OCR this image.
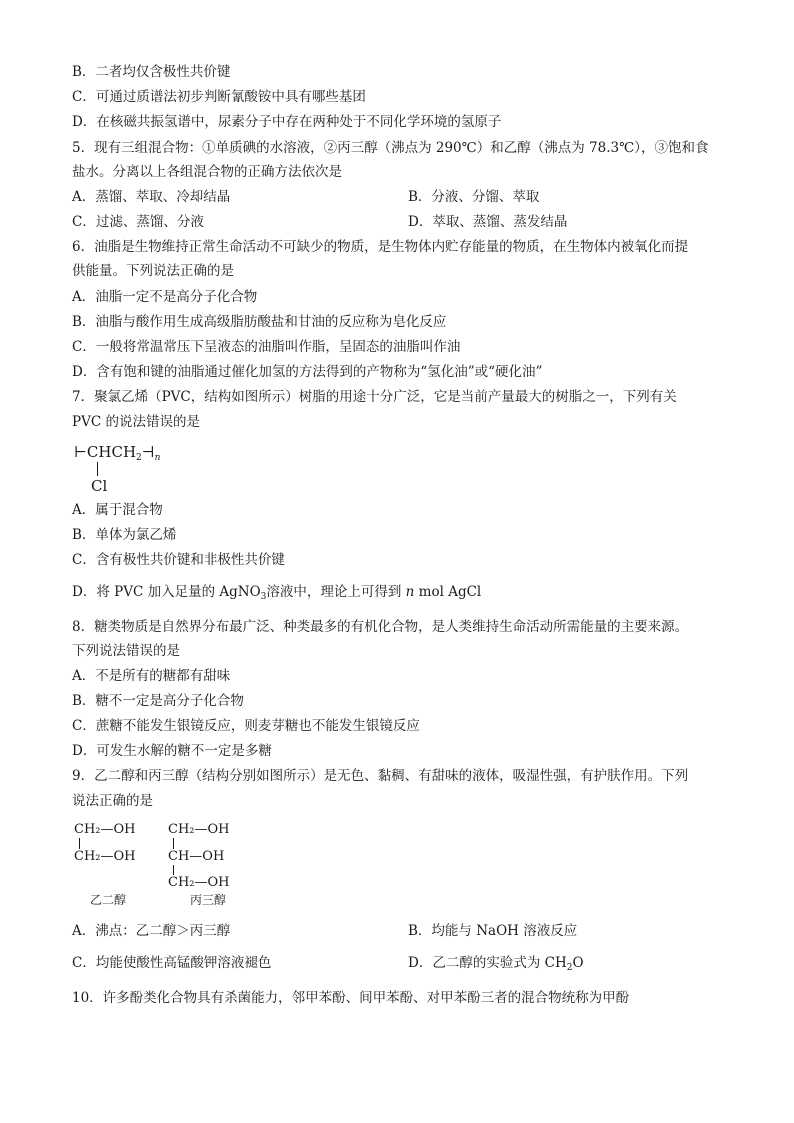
B．二者均仅含极性共价键
C．可通过质谱法初步判断氰酸铵中具有哪些基团
D．在核磁共振氢谱中，尿素分子中存在两种处于不同化学环境的氢原子
5．现有三组混合物：①单质碘的水溶液，②丙三醇（沸点为 290℃）和乙醇（沸点为 78.3℃），③饱和食
盐水。分离以上各组混合物的正确方法依次是
A．蒸馏、萃取、冷却结晶	B．分液、分馏、萃取
C．过滤、蒸馏、分液	D．萃取、蒸馏、蒸发结晶
6．油脂是生物维持正常生命活动不可缺少的物质，是生物体内贮存能量的物质，在生物体内被氧化而提
供能量。下列说法正确的是
A．油脂一定不是高分子化合物
B．油脂与酸作用生成高级脂肪酸盐和甘油的反应称为皂化反应
C．一般将常温常压下呈液态的油脂叫作脂，呈固态的油脂叫作油
D．含有饱和键的油脂通过催化加氢的方法得到的产物称为“氢化油”或“硬化油”
7．聚氯乙烯（PVC，结构如图所示）树脂的用途十分广泛，它是当前产量最大的树脂之一，下列有关
PVC 的说法错误的是
$⊢CHCH_2⊣_n$
Cl
A．属于混合物
B．单体为氯乙烯
C．含有极性共价键和非极性共价键
D．将 PVC 加入足量的 AgNO$_3$溶液中，理论上可得到 n mol AgCl
8．糖类物质是自然界分布最广泛、种类最多的有机化合物，是人类维持生命活动所需能量的主要来源。
下列说法错误的是
A．不是所有的糖都有甜味
B．糖不一定是高分子化合物
C．蔗糖不能发生银镜反应，则麦芽糖也不能发生银镜反应
D．可发生水解的糖不一定是多糖
9．乙二醇和丙三醇（结构分别如图所示）是无色、黏稠、有甜味的液体，吸湿性强，有护肤作用。下列
说法正确的是
CH₂—OH
CH₂—OH
乙二醇
CH₂—OH
CH—OH
CH₂—OH
丙三醇
A．沸点：乙二醇＞丙三醇	B．均能与 NaOH 溶液反应
C．均能使酸性高锰酸钾溶液褪色	D．乙二醇的实验式为 $CH_2O$
10．许多酚类化合物具有杀菌能力，邻甲苯酚、间甲苯酚、对甲苯酚三者的混合物统称为甲酚
